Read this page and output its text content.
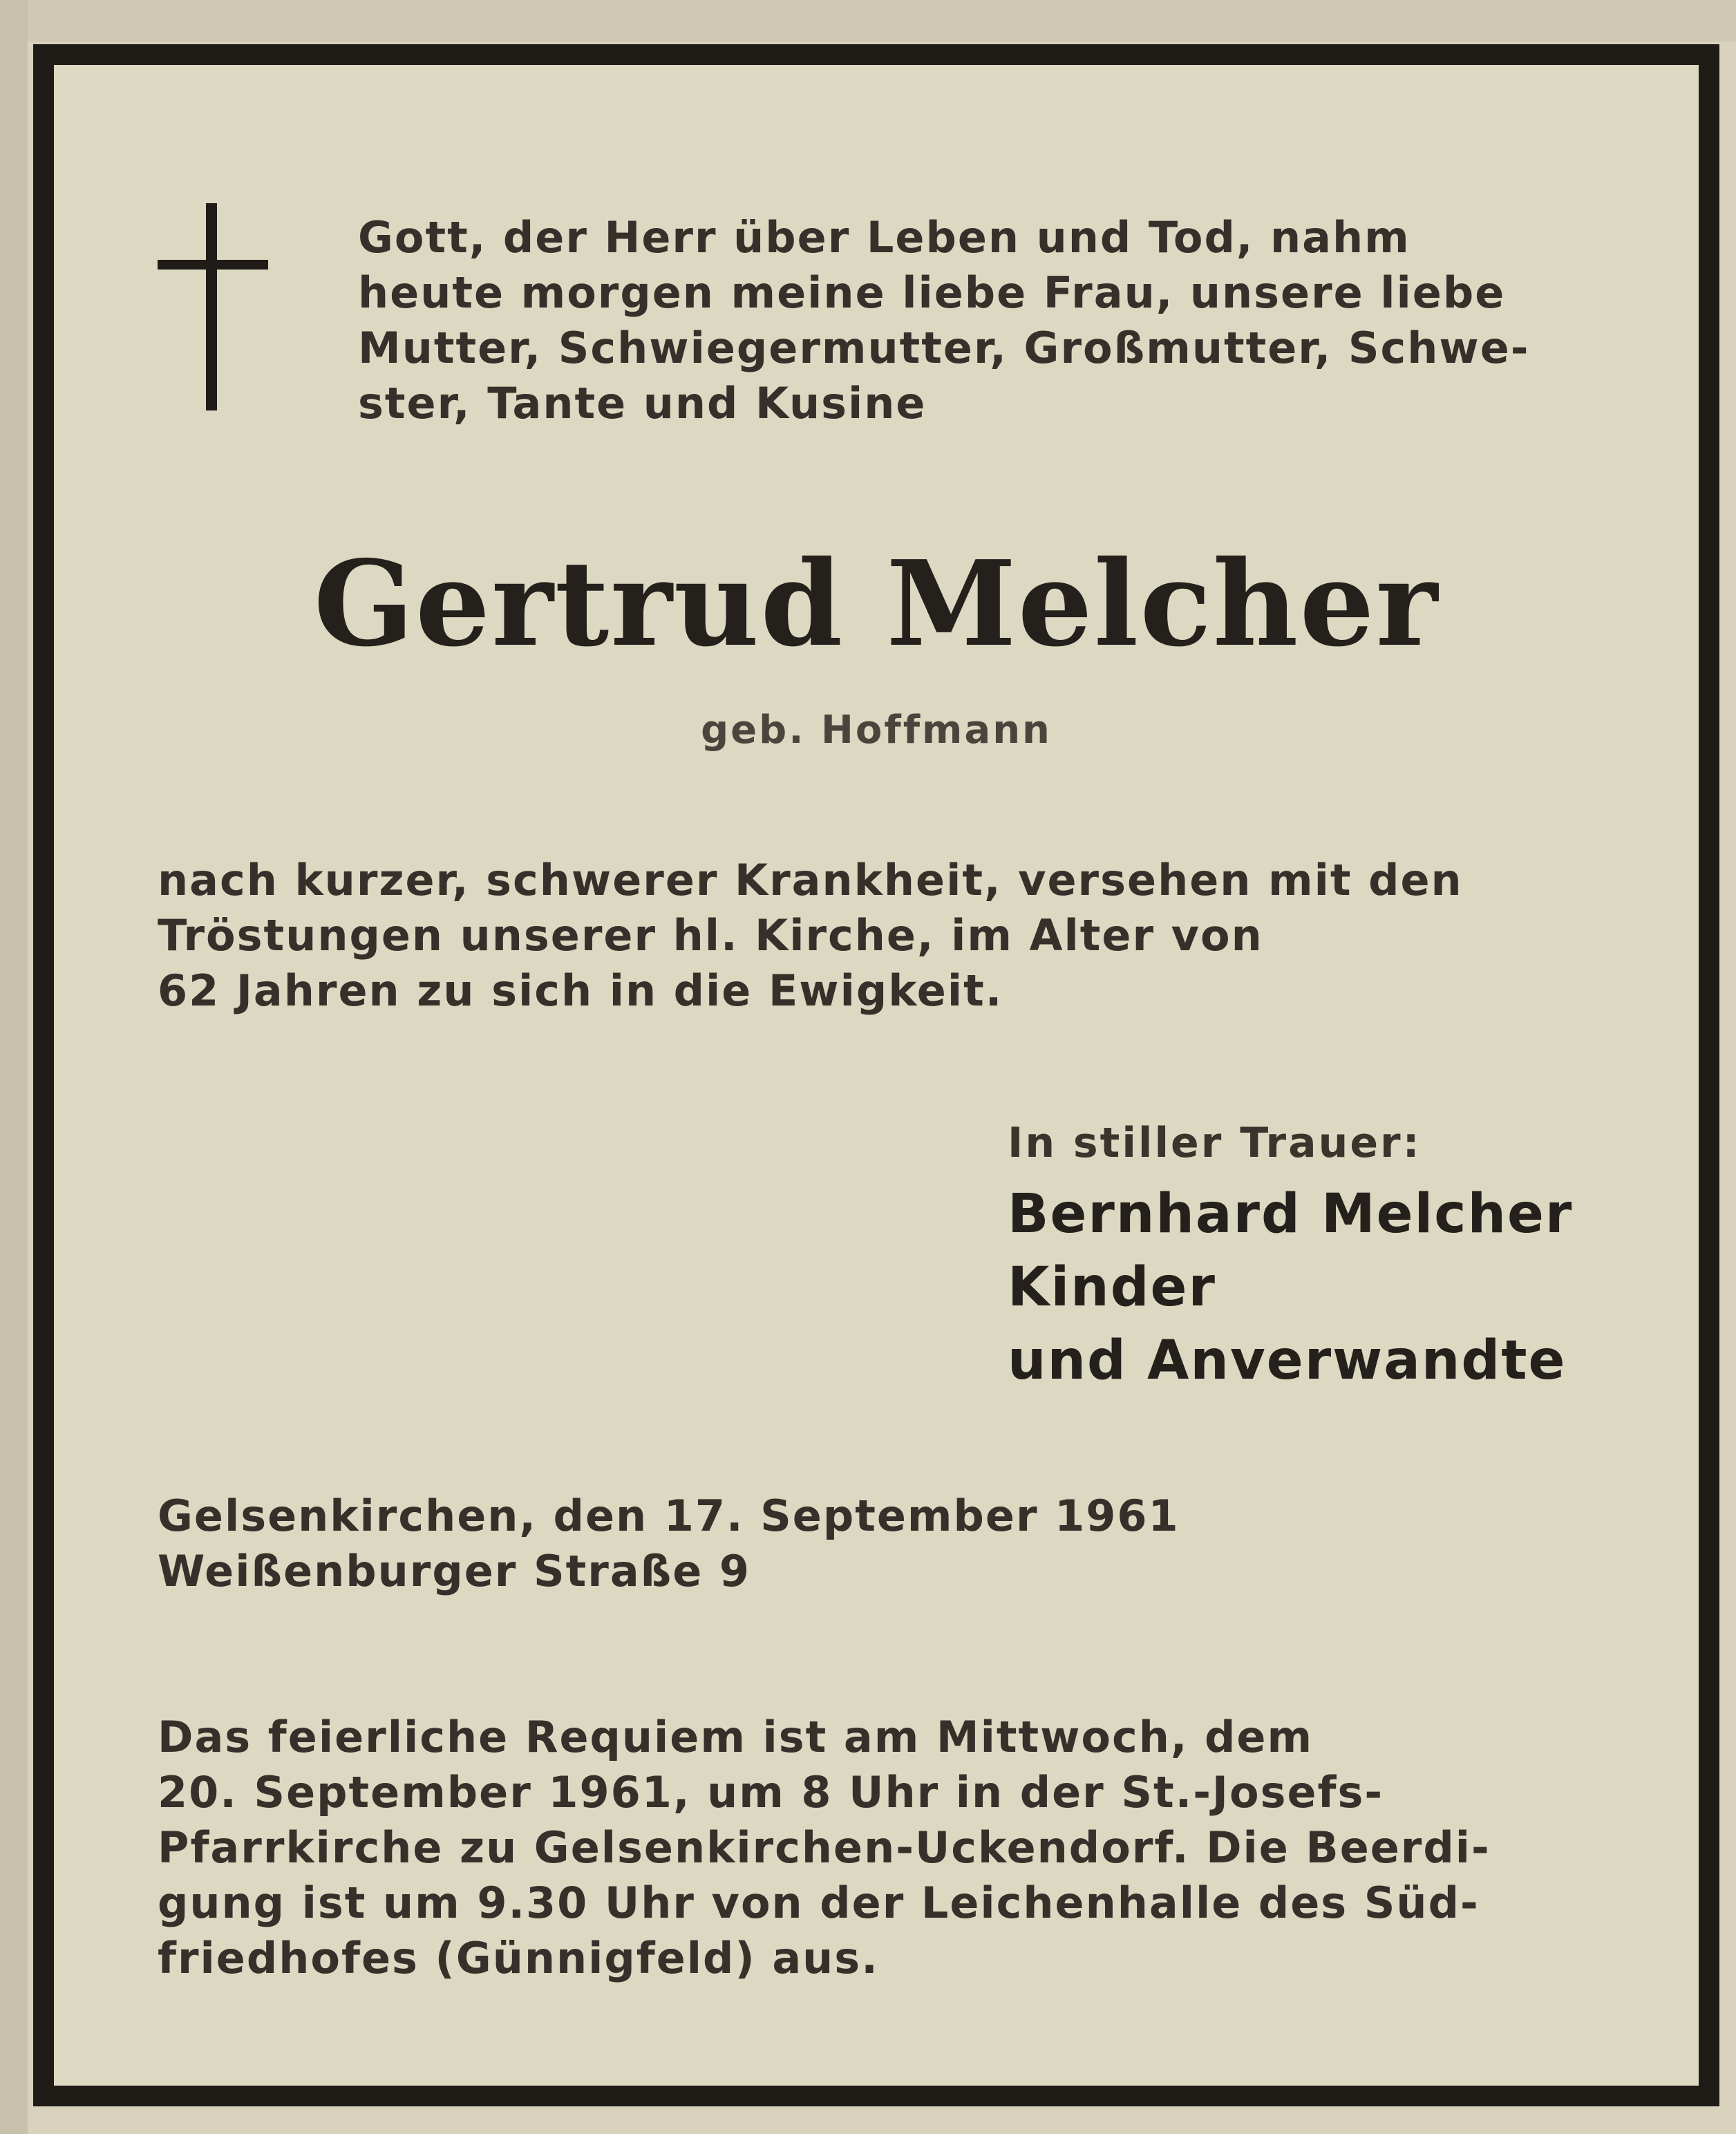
Gott, der Herr über Leben und Tod, nahm
heute morgen meine liebe Frau, unsere liebe
Mutter, Schwiegermutter, Großmutter, Schwe-
ster, Tante und Kusine
Gertrud Melcher
geb. Hoffmann
nach kurzer, schwerer Krankheit, versehen mit den
Tröstungen unserer hl. Kirche, im Alter von
62 Jahren zu sich in die Ewigkeit.
In stiller Trauer:
Bernhard Melcher
Kinder
und Anverwandte
Gelsenkirchen, den 17. September 1961
Weißenburger Straße 9
Das feierliche Requiem ist am Mittwoch, dem
20. September 1961, um 8 Uhr in der St.-Josefs-
Pfarrkirche zu Gelsenkirchen-Uckendorf. Die Beerdi-
gung ist um 9.30 Uhr von der Leichenhalle des Süd-
friedhofes (Günnigfeld) aus.
